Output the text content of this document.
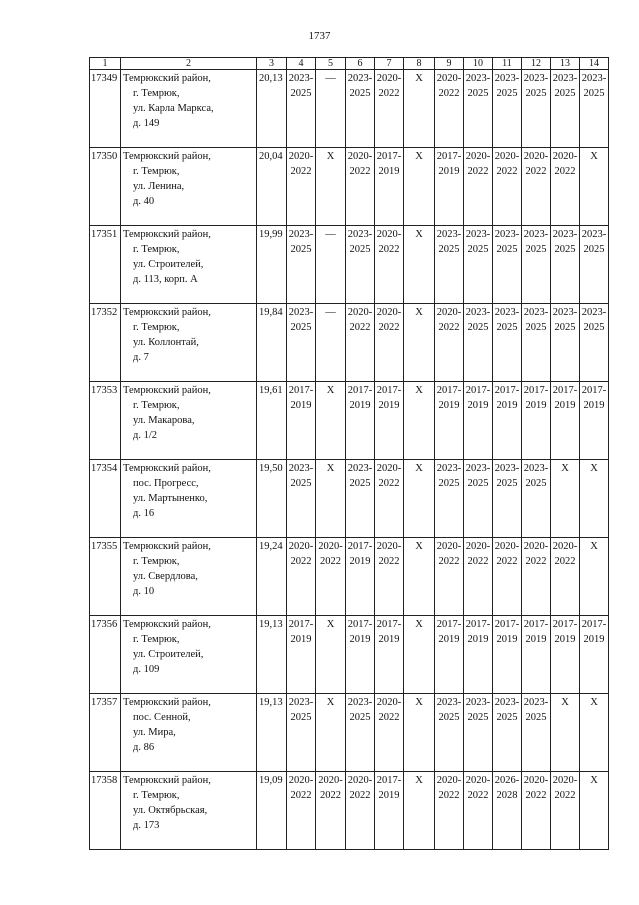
1737
1	2	3	4	5	6	7	8	9	10	11	12	13	14
17349	Темрюкский район,
г. Темрюк,
ул. Карла Маркса,
д. 149	20,13	2023-
2025	—	2023-
2025	2020-
2022	Х	2020-
2022	2023-
2025	2023-
2025	2023-
2025	2023-
2025	2023-
2025

17350	Темрюкский район,
г. Темрюк,
ул. Ленина,
д. 40	20,04	2020-
2022	Х	2020-
2022	2017-
2019	Х	2017-
2019	2020-
2022	2020-
2022	2020-
2022	2020-
2022	Х

17351	Темрюкский район,
г. Темрюк,
ул. Строителей,
д. 113, корп. А	19,99	2023-
2025	—	2023-
2025	2020-
2022	Х	2023-
2025	2023-
2025	2023-
2025	2023-
2025	2023-
2025	2023-
2025

17352	Темрюкский район,
г. Темрюк,
ул. Коллонтай,
д. 7	19,84	2023-
2025	—	2020-
2022	2020-
2022	Х	2020-
2022	2023-
2025	2023-
2025	2023-
2025	2023-
2025	2023-
2025

17353	Темрюкский район,
г. Темрюк,
ул. Макарова,
д. 1/2	19,61	2017-
2019	Х	2017-
2019	2017-
2019	Х	2017-
2019	2017-
2019	2017-
2019	2017-
2019	2017-
2019	2017-
2019

17354	Темрюкский район,
пос. Прогресс,
ул. Мартыненко,
д. 16	19,50	2023-
2025	Х	2023-
2025	2020-
2022	Х	2023-
2025	2023-
2025	2023-
2025	2023-
2025	Х	Х

17355	Темрюкский район,
г. Темрюк,
ул. Свердлова,
д. 10	19,24	2020-
2022	2020-
2022	2017-
2019	2020-
2022	Х	2020-
2022	2020-
2022	2020-
2022	2020-
2022	2020-
2022	Х

17356	Темрюкский район,
г. Темрюк,
ул. Строителей,
д. 109	19,13	2017-
2019	Х	2017-
2019	2017-
2019	Х	2017-
2019	2017-
2019	2017-
2019	2017-
2019	2017-
2019	2017-
2019

17357	Темрюкский район,
пос. Сенной,
ул. Мира,
д. 86	19,13	2023-
2025	Х	2023-
2025	2020-
2022	Х	2023-
2025	2023-
2025	2023-
2025	2023-
2025	Х	Х

17358	Темрюкский район,
г. Темрюк,
ул. Октябрьская,
д. 173	19,09	2020-
2022	2020-
2022	2020-
2022	2017-
2019	Х	2020-
2022	2020-
2022	2026-
2028	2020-
2022	2020-
2022	Х
